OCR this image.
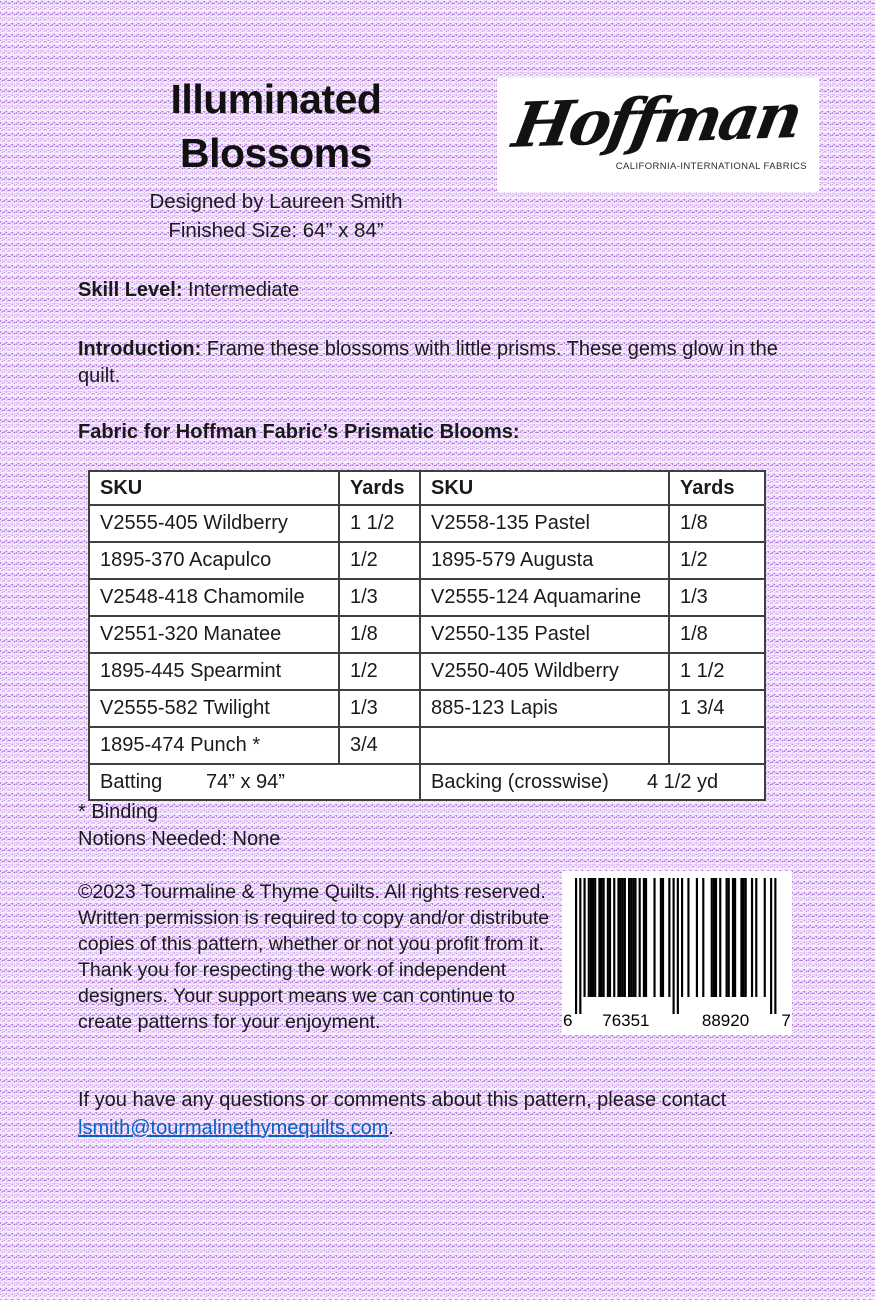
Illuminated
Blossoms
Designed by Laureen Smith
Finished Size: 64” x 84”
Hoffman
CALIFORNIA-INTERNATIONAL FABRICS
Skill Level: Intermediate
Introduction: Frame these blossoms with little prisms. These gems glow in the quilt.
Fabric for Hoffman Fabric’s Prismatic Blooms:
SKU	Yards	SKU	Yards
V2555-405 Wildberry	1 1/2	V2558-135 Pastel	1/8
1895-370 Acapulco	1/2	1895-579 Augusta	1/2
V2548-418 Chamomile	1/3	V2555-124 Aquamarine	1/3
V2551-320 Manatee	1/8	V2550-135 Pastel	1/8
1895-445 Spearmint	1/2	V2550-405 Wildberry	1 1/2
V2555-582 Twilight	1/3	885-123 Lapis	1 3/4
1895-474 Punch *	3/4		
Batting 74” x 94”		Backing (crosswise) 4 1/2 yd	
* Binding
Notions Needed: None
©2023 Tourmaline & Thyme Quilts. All rights reserved. Written permission is required to copy and/or distribute copies of this pattern, whether or not you profit from it. Thank you for respecting the work of independent designers. Your support means we can continue to create patterns for your enjoyment.	6 76351	88920 7
If you have any questions or comments about this pattern, please contact
lsmith@tourmalinethymequilts.com.
